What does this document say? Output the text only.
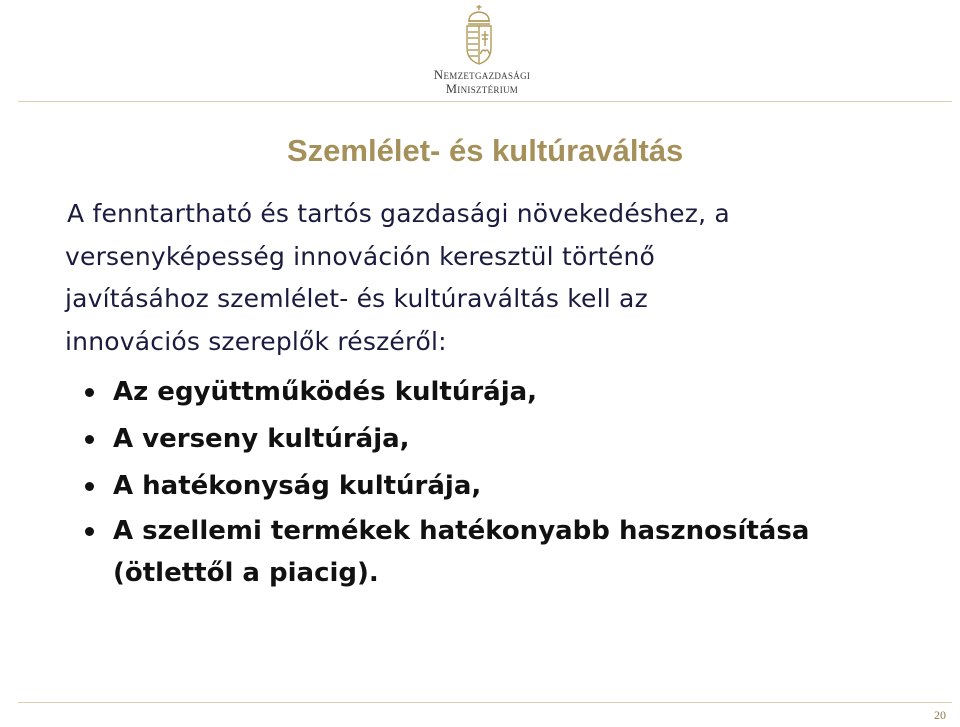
Nemzetgazdasági
Minisztérium
Szemlélet- és kultúraváltás

A fenntartható és tartós gazdasági növekedéshez, a
versenyképesség innováción keresztül történő
javításához szemlélet- és kultúraváltás kell az
innovációs szereplők részéről:

Az együttműködés kultúrája,
A verseny kultúrája,
A hatékonyság kultúrája,
A szellemi termékek hatékonyabb hasznosítása
(ötlettől a piacig).
20
